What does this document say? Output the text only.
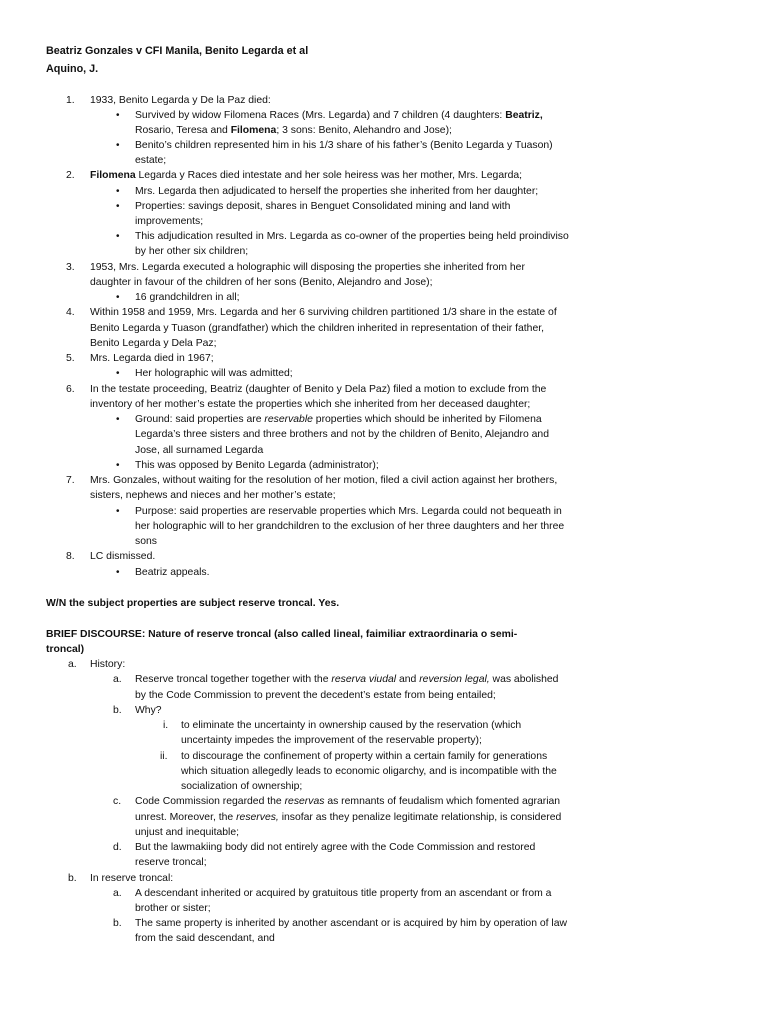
Beatriz Gonzales v CFI Manila, Benito Legarda et al
Aquino, J.
1. 1933, Benito Legarda y De la Paz died:
• Survived by widow Filomena Races (Mrs. Legarda) and 7 children (4 daughters: Beatriz,
Rosario, Teresa and Filomena; 3 sons: Benito, Alehandro and Jose);
• Benito’s children represented him in his 1/3 share of his father’s (Benito Legarda y Tuason)
estate;
2. Filomena Legarda y Races died intestate and her sole heiress was her mother, Mrs. Legarda;
• Mrs. Legarda then adjudicated to herself the properties she inherited from her daughter;
• Properties: savings deposit, shares in Benguet Consolidated mining and land with
improvements;
• This adjudication resulted in Mrs. Legarda as co-owner of the properties being held proindiviso
by her other six children;
3. 1953, Mrs. Legarda executed a holographic will disposing the properties she inherited from her
daughter in favour of the children of her sons (Benito, Alejandro and Jose);
• 16 grandchildren in all;
4. Within 1958 and 1959, Mrs. Legarda and her 6 surviving children partitioned 1/3 share in the estate of
Benito Legarda y Tuason (grandfather) which the children inherited in representation of their father,
Benito Legarda y Dela Paz;
5. Mrs. Legarda died in 1967;
• Her holographic will was admitted;
6. In the testate proceeding, Beatriz (daughter of Benito y Dela Paz) filed a motion to exclude from the
inventory of her mother’s estate the properties which she inherited from her deceased daughter;
• Ground: said properties are reservable properties which should be inherited by Filomena
Legarda’s three sisters and three brothers and not by the children of Benito, Alejandro and
Jose, all surnamed Legarda
• This was opposed by Benito Legarda (administrator);
7. Mrs. Gonzales, without waiting for the resolution of her motion, filed a civil action against her brothers,
sisters, nephews and nieces and her mother’s estate;
• Purpose: said properties are reservable properties which Mrs. Legarda could not bequeath in
her holographic will to her grandchildren to the exclusion of her three daughters and her three
sons
8. LC dismissed.
• Beatriz appeals.
W/N the subject properties are subject reserve troncal. Yes.
BRIEF DISCOURSE: Nature of reserve troncal (also called lineal, faimiliar extraordinaria o semi-
troncal)
a. History:
a. Reserve troncal together together with the reserva viudal and reversion legal, was abolished
by the Code Commission to prevent the decedent’s estate from being entailed;
b. Why?
i. to eliminate the uncertainty in ownership caused by the reservation (which
uncertainty impedes the improvement of the reservable property);
ii. to discourage the confinement of property within a certain family for generations
which situation allegedly leads to economic oligarchy, and is incompatible with the
socialization of ownership;
c. Code Commission regarded the reservas as remnants of feudalism which fomented agrarian
unrest. Moreover, the reserves, insofar as they penalize legitimate relationship, is considered
unjust and inequitable;
d. But the lawmakiing body did not entirely agree with the Code Commission and restored
reserve troncal;
b. In reserve troncal:
a. A descendant inherited or acquired by gratuitous title property from an ascendant or from a
brother or sister;
b. The same property is inherited by another ascendant or is acquired by him by operation of law
from the said descendant, and
